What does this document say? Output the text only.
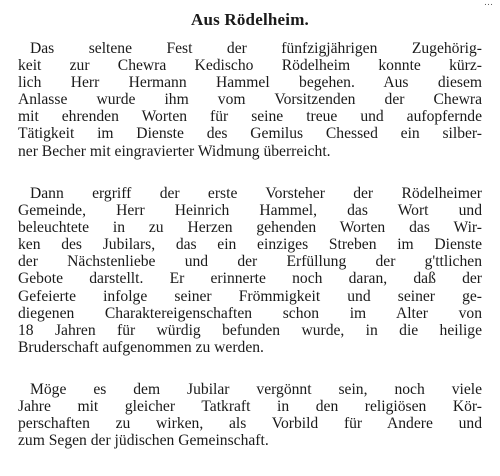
…
Aus Rödelheim.

Das seltene Fest der fünfzigjährigen Zugehörig-
keit zur Chewra Kedischo Rödelheim konnte kürz-
lich Herr Hermann Hammel begehen. Aus diesem
Anlasse wurde ihm vom Vorsitzenden der Chewra
mit ehrenden Worten für seine treue und aufopfernde
Tätigkeit im Dienste des Gemilus Chessed ein silber-
ner Becher mit eingravierter Widmung überreicht.

Dann ergriff der erste Vorsteher der Rödelheimer
Gemeinde, Herr Heinrich Hammel, das Wort und
beleuchtete in zu Herzen gehenden Worten das Wir-
ken des Jubilars, das ein einziges Streben im Dienste
der Nächstenliebe und der Erfüllung der g'ttlichen
Gebote darstellt. Er erinnerte noch daran, daß der
Gefeierte infolge seiner Frömmigkeit und seiner ge-
diegenen Charaktereigenschaften schon im Alter von
18 Jahren für würdig befunden wurde, in die heilige
Bruderschaft aufgenommen zu werden.

Möge es dem Jubilar vergönnt sein, noch viele
Jahre mit gleicher Tatkraft in den religiösen Kör-
perschaften zu wirken, als Vorbild für Andere und
zum Segen der jüdischen Gemeinschaft.
